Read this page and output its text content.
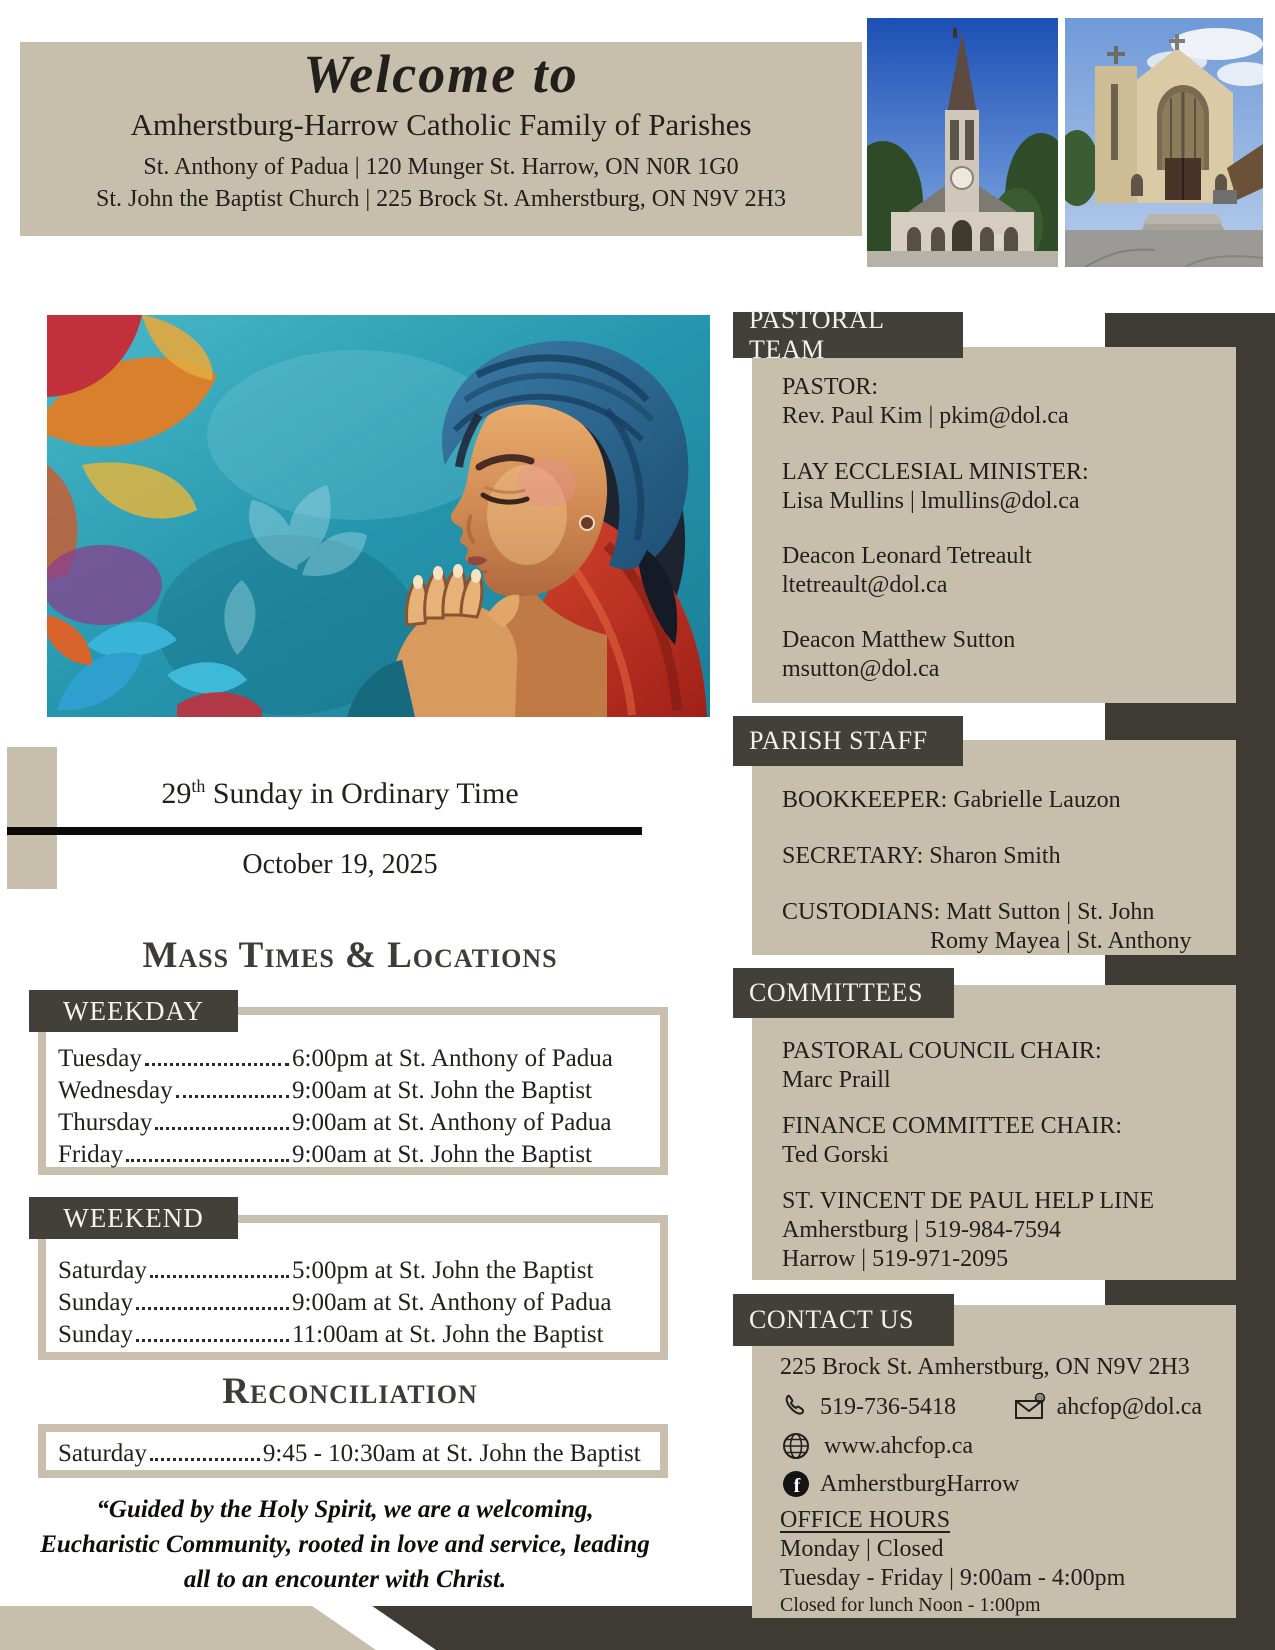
Welcome to
Amherstburg-Harrow Catholic Family of Parishes
St. Anthony of Padua | 120 Munger St. Harrow, ON N0R 1G0
St. John the Baptist Church | 225 Brock St. Amherstburg, ON N9V 2H3
PASTORAL TEAM
PASTOR:
Rev. Paul Kim | pkim@dol.ca
LAY ECCLESIAL MINISTER:
Lisa Mullins | lmullins@dol.ca
Deacon Leonard Tetreault
ltetreault@dol.ca
Deacon Matthew Sutton
msutton@dol.ca
PARISH STAFF
BOOKKEEPER: Gabrielle Lauzon
SECRETARY: Sharon Smith
CUSTODIANS: Matt Sutton | St. John
Romy Mayea | St. Anthony
COMMITTEES
PASTORAL COUNCIL CHAIR:
Marc Praill
FINANCE COMMITTEE CHAIR:
Ted Gorski
ST. VINCENT DE PAUL HELP LINE
Amherstburg | 519-984-7594
Harrow | 519-971-2095
CONTACT US
225 Brock St. Amherstburg, ON N9V 2H3
519-736-5418	@ ahcfop@dol.ca
www.ahcfop.ca
f AmherstburgHarrow
OFFICE HOURS
Monday | Closed
Tuesday - Friday | 9:00am - 4:00pm
Closed for lunch Noon - 1:00pm
29th Sunday in Ordinary Time
October 19, 2025
Mass Times & Locations
WEEKDAY
Tuesday	6:00pm at St. Anthony of Padua
Wednesday	9:00am at St. John the Baptist
Thursday	9:00am at St. Anthony of Padua
Friday	9:00am at St. John the Baptist
WEEKEND
Saturday	5:00pm at St. John the Baptist
Sunday	9:00am at St. Anthony of Padua
Sunday	11:00am at St. John the Baptist
Reconciliation
Saturday	9:45 - 10:30am at St. John the Baptist
“Guided by the Holy Spirit, we are a welcoming,
Eucharistic Community, rooted in love and service, leading
all to an encounter with Christ.
